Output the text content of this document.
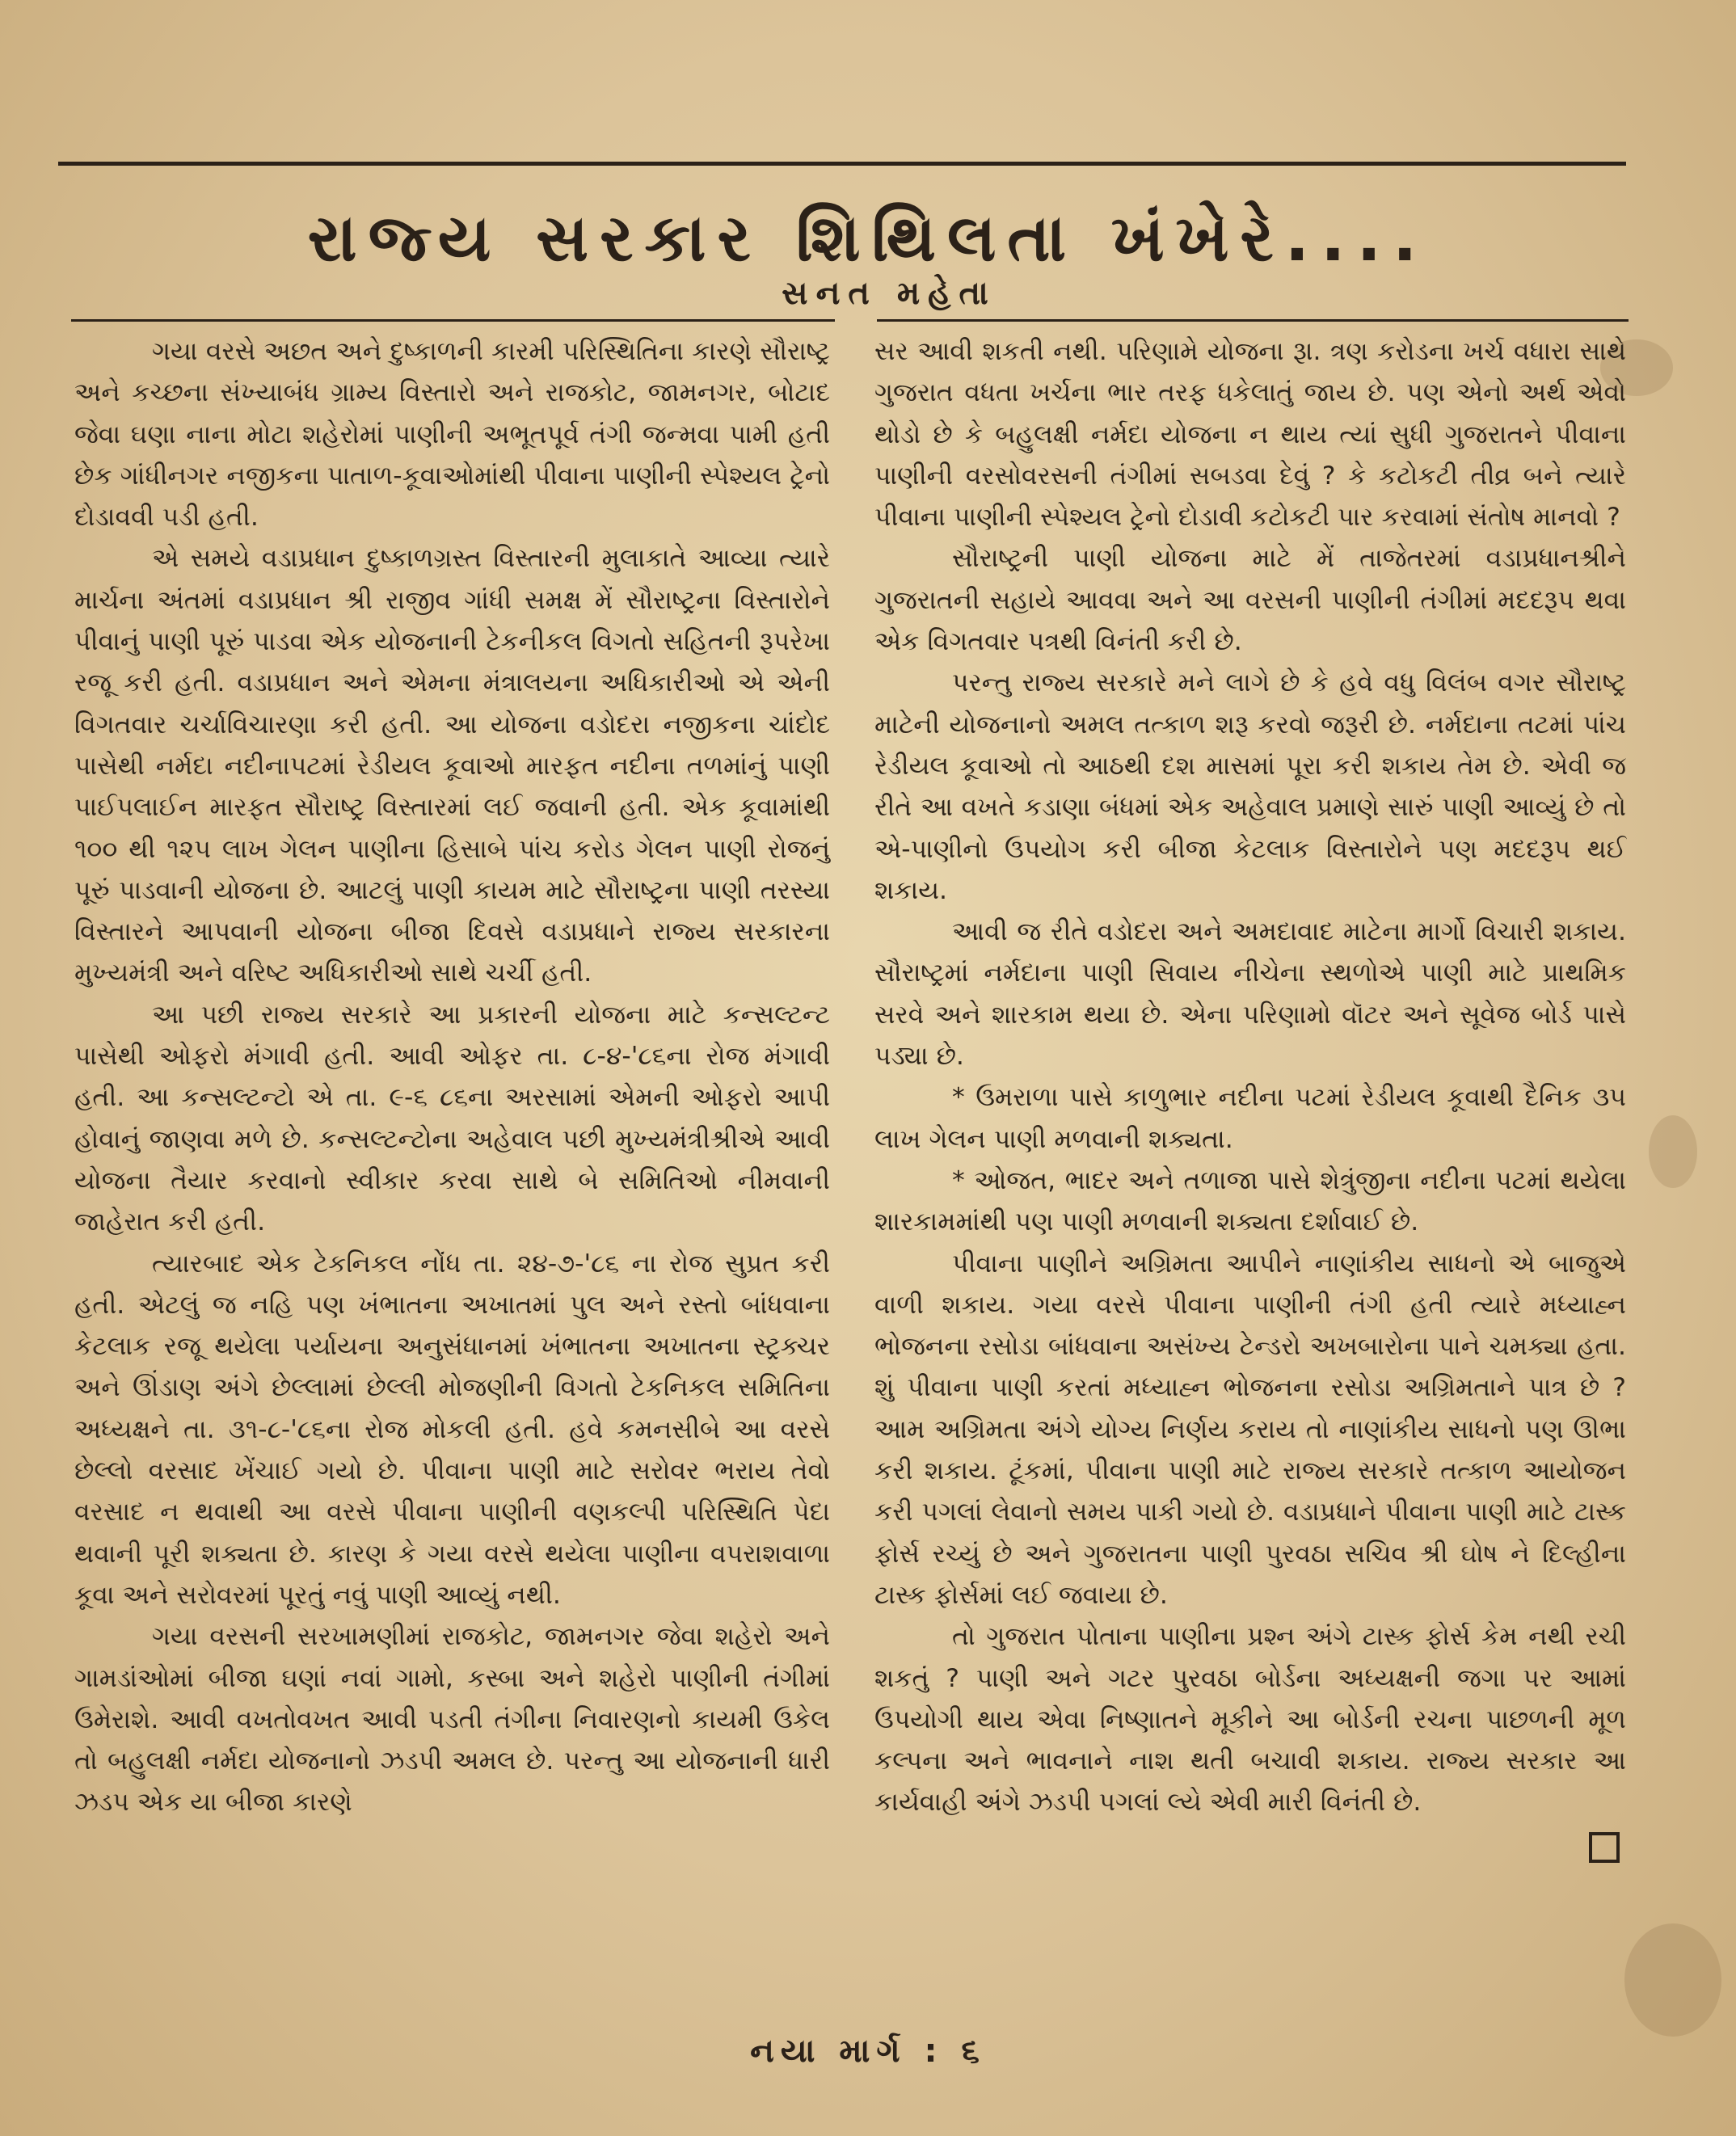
રાજ્ય સરકાર શિથિલતા ખંખેરે....
સનત મહેતા

ગયા વરસે અછત અને દુષ્કાળની કારમી પરિસ્થિતિના કારણે સૌરાષ્ટ્ર અને કચ્છના સંખ્યાબંધ ગ્રામ્ય વિસ્તારો અને રાજકોટ, જામનગર, બોટાદ જેવા ઘણા નાના મોટા શહેરોમાં પાણીની અભૂતપૂર્વ તંગી જન્મવા પામી હતી છેક ગાંધીનગર નજીકના પાતાળ-કૂવાઓમાંથી પીવાના પાણીની સ્પેશ્યલ ટ્રેનો દોડાવવી પડી હતી.

એ સમયે વડાપ્રધાન દુષ્કાળગ્રસ્ત વિસ્તારની મુલાકાતે આવ્યા ત્યારે માર્ચના અંતમાં વડાપ્રધાન શ્રી રાજીવ ગાંધી સમક્ષ મેં સૌરાષ્ટ્રના વિસ્તારોને પીવાનું પાણી પૂરું પાડવા એક યોજનાની ટેકનીકલ વિગતો સહિતની રૂપરેખા રજૂ કરી હતી. વડાપ્રધાન અને એમના મંત્રાલયના અધિકારીઓ એ એની વિગતવાર ચર્ચાવિચારણા કરી હતી. આ યોજના વડોદરા નજીકના ચાંદોદ પાસેથી નર્મદા નદીનાપટમાં રેડીયલ કૂવાઓ મારફત નદીના તળમાંનું પાણી પાઈપલાઈન મારફત સૌરાષ્ટ્ર વિસ્તારમાં લઈ જવાની હતી. એક કૂવામાંથી ૧૦૦ થી ૧૨૫ લાખ ગેલન પાણીના હિસાબે પાંચ કરોડ ગેલન પાણી રોજનું પૂરું પાડવાની યોજના છે. આટલું પાણી કાયમ માટે સૌરાષ્ટ્રના પાણી તરસ્યા વિસ્તારને આપવાની યોજના બીજા દિવસે વડાપ્રધાને રાજ્ય સરકારના મુખ્યમંત્રી અને વરિષ્ટ અધિકારીઓ સાથે ચર્ચી હતી.

આ પછી રાજ્ય સરકારે આ પ્રકારની યોજના માટે કન્સલ્ટન્ટ પાસેથી ઓફરો મંગાવી હતી. આવી ઓફર તા. ૮-૪-'૮૬ના રોજ મંગાવી હતી. આ કન્સલ્ટન્ટો એ તા. ૯-૬ ૮૬ના અરસામાં એમની ઓફરો આપી હોવાનું જાણવા મળે છે. કન્સલ્ટન્ટોના અહેવાલ પછી મુખ્યમંત્રીશ્રીએ આવી યોજના તૈયાર કરવાનો સ્વીકાર કરવા સાથે બે સમિતિઓ નીમવાની જાહેરાત કરી હતી.

ત્યારબાદ એક ટેકનિકલ નોંધ તા. ૨૪-૭-'૮૬ ના રોજ સુપ્રત કરી હતી. એટલું જ નહિ પણ ખંભાતના અખાતમાં પુલ અને રસ્તો બાંધવાના કેટલાક રજૂ થયેલા પર્યાયના અનુસંધાનમાં ખંભાતના અખાતના સ્ટ્રક્ચર અને ઊંડાણ અંગે છેલ્લામાં છેલ્લી મોજણીની વિગતો ટેકનિકલ સમિતિના અધ્યક્ષને તા. ૩૧-૮-'૮૬ના રોજ મોકલી હતી. હવે કમનસીબે આ વરસે છેલ્લો વરસાદ ખેંચાઈ ગયો છે. પીવાના પાણી માટે સરોવર ભરાય તેવો વરસાદ ન થવાથી આ વરસે પીવાના પાણીની વણકલ્પી પરિસ્થિતિ પેદા થવાની પૂરી શક્યતા છે. કારણ કે ગયા વરસે થયેલા પાણીના વપરાશવાળા કૂવા અને સરોવરમાં પૂરતું નવું પાણી આવ્યું નથી.

ગયા વરસની સરખામણીમાં રાજકોટ, જામનગર જેવા શહેરો અને ગામડાંઓમાં બીજા ઘણાં નવાં ગામો, કસ્બા અને શહેરો પાણીની તંગીમાં ઉમેરાશે. આવી વખતોવખત આવી પડતી તંગીના નિવારણનો કાયમી ઉકેલ તો બહુલક્ષી નર્મદા યોજનાનો ઝડપી અમલ છે. પરન્તુ આ યોજનાની ધારી ઝડપ એક યા બીજા કારણે

સર આવી શકતી નથી. પરિણામે યોજના રૂા. ત્રણ કરોડના ખર્ચ વધારા સાથે ગુજરાત વધતા ખર્ચના ભાર તરફ ધકેલાતું જાય છે. પણ એનો અર્થ એવો થોડો છે કે બહુલક્ષી નર્મદા યોજના ન થાય ત્યાં સુધી ગુજરાતને પીવાના પાણીની વરસોવરસની તંગીમાં સબડવા દેવું ? કે કટોકટી તીવ્ર બને ત્યારે પીવાના પાણીની સ્પેશ્યલ ટ્રેનો દોડાવી કટોકટી પાર કરવામાં સંતોષ માનવો ?

સૌરાષ્ટ્રની પાણી યોજના માટે મેં તાજેતરમાં વડાપ્રધાનશ્રીને ગુજરાતની સહાયે આવવા અને આ વરસની પાણીની તંગીમાં મદદરૂપ થવા એક વિગતવાર પત્રથી વિનંતી કરી છે.

પરન્તુ રાજ્ય સરકારે મને લાગે છે કે હવે વધુ વિલંબ વગર સૌરાષ્ટ્ર માટેની યોજનાનો અમલ તત્કાળ શરૂ કરવો જરૂરી છે. નર્મદાના તટમાં પાંચ રેડીયલ કૂવાઓ તો આઠથી દશ માસમાં પૂરા કરી શકાય તેમ છે. એવી જ રીતે આ વખતે કડાણા બંધમાં એક અહેવાલ પ્રમાણે સારું પાણી આવ્યું છે તો એ-પાણીનો ઉપયોગ કરી બીજા કેટલાક વિસ્તારોને પણ મદદરૂપ થઈ શકાય.

આવી જ રીતે વડોદરા અને અમદાવાદ માટેના માર્ગો વિચારી શકાય. સૌરાષ્ટ્રમાં નર્મદાના પાણી સિવાય નીચેના સ્થળોએ પાણી માટે પ્રાથમિક સરવે અને શારકામ થયા છે. એના પરિણામો વૉટર અને સૂવેજ બોર્ડ પાસે પડ્યા છે.

* ઉમરાળા પાસે કાળુભાર નદીના પટમાં રેડીયલ કૂવાથી દૈનિક ૩૫ લાખ ગેલન પાણી મળવાની શક્યતા.

* ઓજત, ભાદર અને તળાજા પાસે શેત્રુંજીના નદીના પટમાં થયેલા શારકામમાંથી પણ પાણી મળવાની શક્યતા દર્શાવાઈ છે.

પીવાના પાણીને અગ્રિમતા આપીને નાણાંકીય સાધનો એ બાજુએ વાળી શકાય. ગયા વરસે પીવાના પાણીની તંગી હતી ત્યારે મધ્યાહ્ન ભોજનના રસોડા બાંધવાના અસંખ્ય ટેન્ડરો અખબારોના પાને ચમક્યા હતા. શું પીવાના પાણી કરતાં મધ્યાહ્ન ભોજનના રસોડા અગ્રિમતાને પાત્ર છે ? આમ અગ્રિમતા અંગે યોગ્ય નિર્ણય કરાય તો નાણાંકીય સાધનો પણ ઊભા કરી શકાય. ટૂંકમાં, પીવાના પાણી માટે રાજ્ય સરકારે તત્કાળ આયોજન કરી પગલાં લેવાનો સમય પાકી ગયો છે. વડાપ્રધાને પીવાના પાણી માટે ટાસ્ક ફોર્સ રચ્યું છે અને ગુજરાતના પાણી પુરવઠા સચિવ શ્રી ઘોષ ને દિલ્હીના ટાસ્ક ફોર્સમાં લઈ જવાયા છે.

તો ગુજરાત પોતાના પાણીના પ્રશ્ન અંગે ટાસ્ક ફોર્સ કેમ નથી રચી શકતું ? પાણી અને ગટર પુરવઠા બોર્ડના અધ્યક્ષની જગા પર આમાં ઉપયોગી થાય એવા નિષ્ણાતને મૂકીને આ બોર્ડની રચના પાછળની મૂળ કલ્પના અને ભાવનાને નાશ થતી બચાવી શકાય. રાજ્ય સરકાર આ કાર્યવાહી અંગે ઝડપી પગલાં લ્યે એવી મારી વિનંતી છે.

નયા માર્ગ : ૬
